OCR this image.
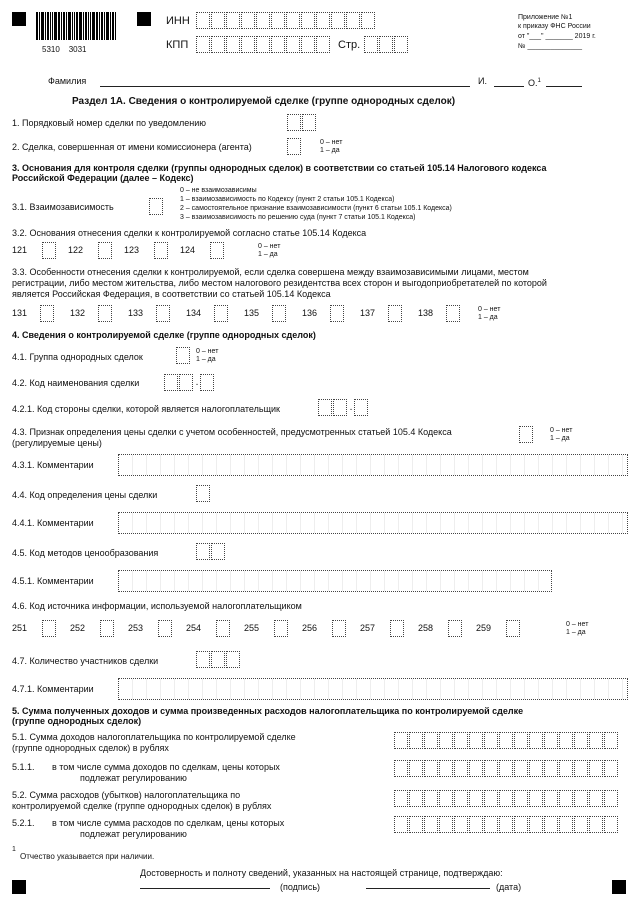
5310    3031
ИНН
КПП	Стр.
Приложение №1
к приказу ФНС России
от "___" _______ 2019 г.
№ ______________
Фамилия	И.	О.$^1$
Раздел 1А. Сведения о контролируемой сделке (группе однородных сделок)
1. Порядковый номер сделки по уведомлению
2. Сделка, совершенная от имени комиссионера (агента)	0 – нет
1 – да
3. Основания для контроля сделки (группы однородных сделок) в соответствии со статьей 105.14 Налогового кодекса
Российской Федерации (далее – Кодекс)
3.1. Взаимозависимость
0 – не взаимозависимы
1 – взаимозависимость по Кодексу (пункт 2 статьи 105.1 Кодекса)
2 – самостоятельное признание взаимозависимости (пункт 6 статьи 105.1 Кодекса)
3 – взаимозависимость по решению суда (пункт 7 статьи 105.1 Кодекса)
3.2. Основания отнесения сделки к контролируемой согласно статье 105.14 Кодекса
121	122	123	124	0 – нет
1 – да
3.3. Особенности отнесения сделки к контролируемой, если сделка совершена между взаимозависимыми лицами, местом
регистрации, либо местом жительства, либо местом налогового резидентства всех сторон и выгодоприобретателей по которой
является Российская Федерация, в соответствии со статьей 105.14 Кодекса
131	132	133	134	135	136	137	138	0 – нет
1 – да
4. Сведения о контролируемой сделке (группе однородных сделок)
4.1. Группа однородных сделок
0 – нет
1 – да
4.2. Код наименования сделки	.
4.2.1. Код стороны сделки, которой является налогоплательщик	.
4.3. Признак определения цены сделки с учетом особенностей, предусмотренных статьей 105.4 Кодекса
(регулируемые цены)
0 – нет
1 – да
4.3.1. Комментарии
4.4. Код определения цены сделки
4.4.1. Комментарии
4.5. Код методов ценообразования
4.5.1. Комментарии
4.6. Код источника информации, используемой налогоплательщиком
251	252	253	254	255	256	257	258	259	0 – нет
1 – да
4.7. Количество участников сделки
4.7.1. Комментарии
5. Сумма полученных доходов и сумма произведенных расходов налогоплательщика по контролируемой сделке
(группе однородных сделок)
5.1. Сумма доходов налогоплательщика по контролируемой сделке
(группе однородных сделок) в рублях
5.1.1. в том числе сумма доходов по сделкам, цены которых
подлежат регулированию
5.2. Сумма расходов (убытков) налогоплательщика по
контролируемой сделке (группе однородных сделок) в рублях
5.2.1. в том числе сумма расходов по сделкам, цены которых
подлежат регулированию
1
Отчество указывается при наличии.
Достоверность и полноту сведений, указанных на настоящей странице, подтверждаю:
(подпись)	(дата)
